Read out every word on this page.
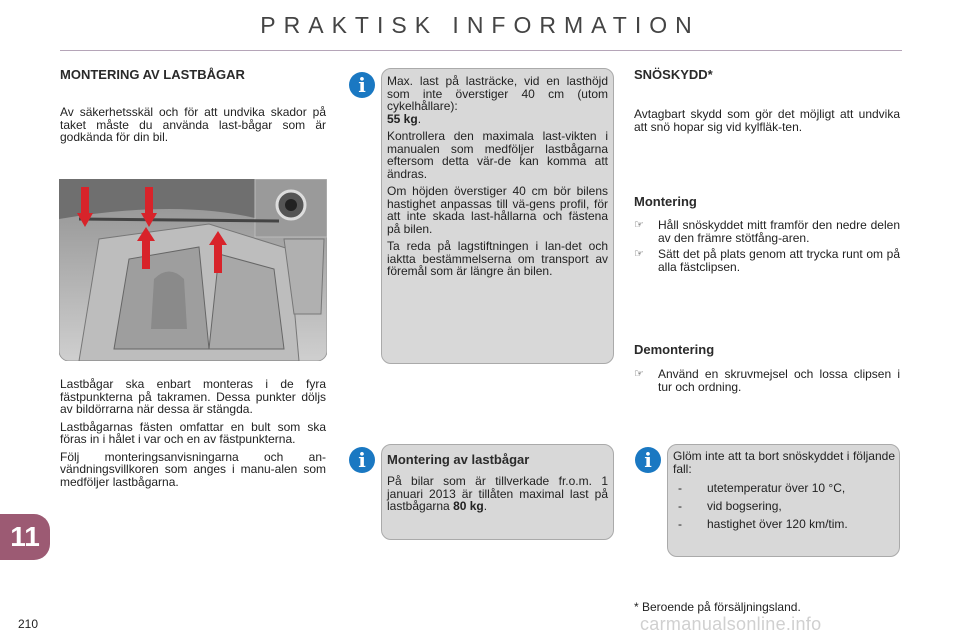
PRAKTISK INFORMATION
MONTERING AV LASTBÅGAR

Av säkerhetsskäl och för att undvika skador på taket måste du använda last-bågar som är godkända för din bil.

Lastbågar ska enbart monteras i de fyra fästpunkterna på takramen. Dessa punkter döljs av bildörrarna när dessa är stängda.

Lastbågarnas fästen omfattar en bult som ska föras in i hålet i var och en av fästpunkterna.

Följ monteringsanvisningarna och an-vändningsvillkoren som anges i manu-alen som medföljer lastbågarna.

i	Max. last på lasträcke, vid en lasthöjd som inte överstiger 40 cm (utom cykelhållare):
55 kg.

Kontrollera den maximala last-vikten i manualen som medföljer lastbågarna eftersom detta vär-de kan komma att ändras.

Om höjden överstiger 40 cm bör bilens hastighet anpassas till vä-gens profil, för att inte skada last-hållarna och fästena på bilen.

Ta reda på lagstiftningen i lan-det och iaktta bestämmelserna om transport av föremål som är längre än bilen.

i	Montering av lastbågar

På bilar som är tillverkade fr.o.m. 1 januari 2013 är tillåten maximal last på lastbågarna 80 kg.

SNÖSKYDD*

Avtagbart skydd som gör det möjligt att undvika att snö hopar sig vid kylfläk-ten.

Montering
☞ Håll snöskyddet mitt framför den nedre delen av den främre stötfång-aren.
☞ Sätt det på plats genom att trycka runt om på alla fästclipsen.
Demontering
☞ Använd en skruvmejsel och lossa clipsen i tur och ordning.
i	Glöm inte att ta bort snöskyddet i följande fall:

- utetemperatur över 10 °C,
- vid bogsering,
- hastighet över 120 km/tim.
* Beroende på försäljningsland.
11
210	carmanualsonline.info
